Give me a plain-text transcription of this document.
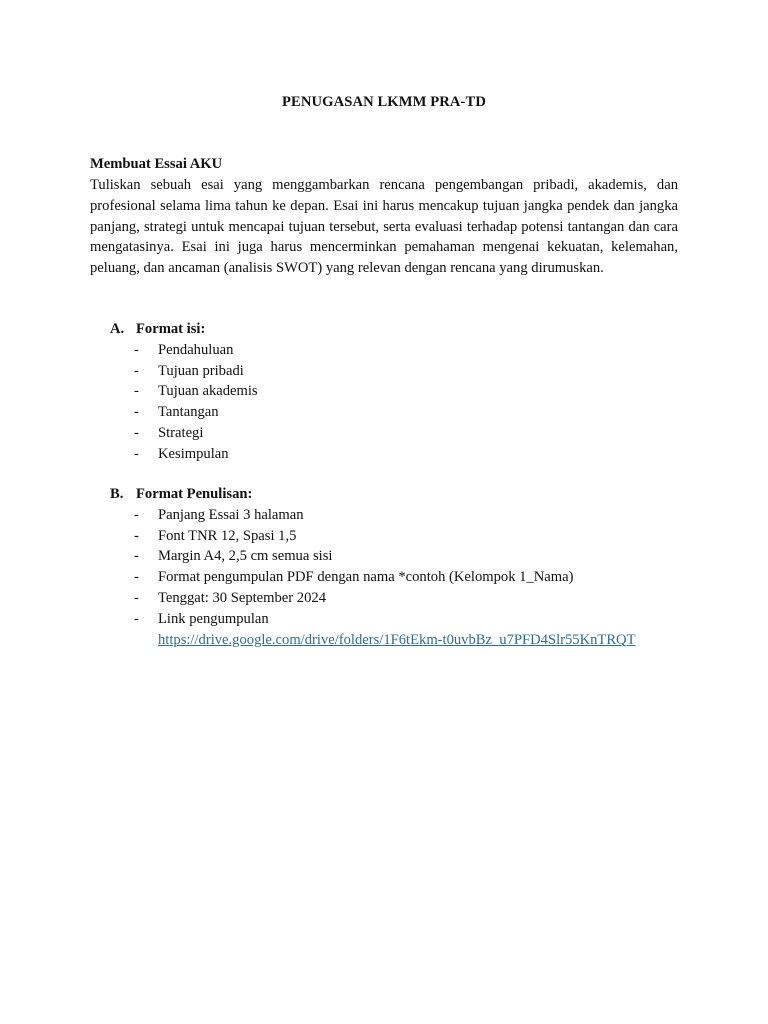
PENUGASAN LKMM PRA-TD
Membuat Essai AKU

Tuliskan sebuah esai yang menggambarkan rencana pengembangan pribadi, akademis, dan profesional selama lima tahun ke depan. Esai ini harus mencakup tujuan jangka pendek dan jangka panjang, strategi untuk mencapai tujuan tersebut, serta evaluasi terhadap potensi tantangan dan cara mengatasinya. Esai ini juga harus mencerminkan pemahaman mengenai kekuatan, kelemahan, peluang, dan ancaman (analisis SWOT) yang relevan dengan rencana yang dirumuskan.

A. Format isi:
- Pendahuluan
- Tujuan pribadi
- Tujuan akademis
- Tantangan
- Strategi
- Kesimpulan
B. Format Penulisan:
- Panjang Essai 3 halaman
- Font TNR 12, Spasi 1,5
- Margin A4, 2,5 cm semua sisi
- Format pengumpulan PDF dengan nama *contoh (Kelompok 1_Nama)
- Tenggat: 30 September 2024
- Link pengumpulan
https://drive.google.com/drive/folders/1F6tEkm-t0uvbBz_u7PFD4Slr55KnTRQT
